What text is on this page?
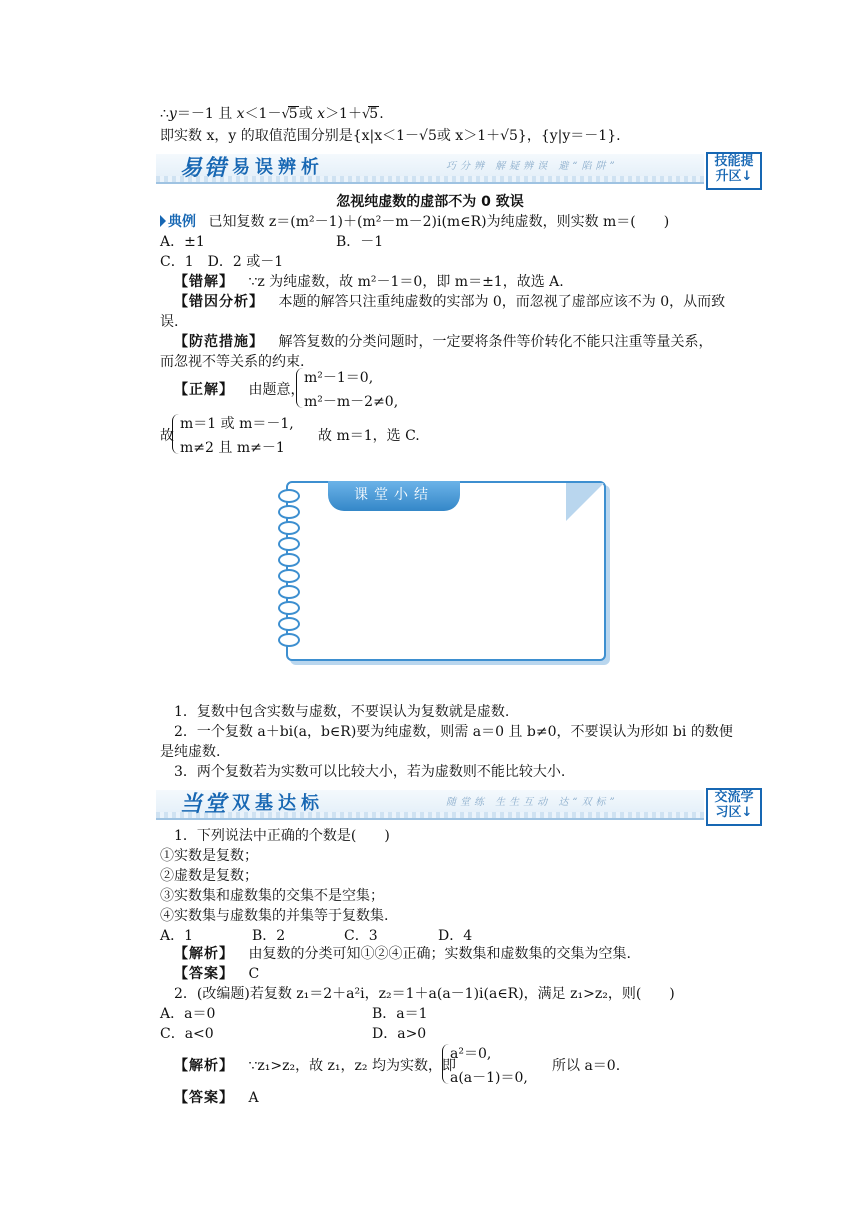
∴y＝－1 且 x＜1－√5或 x＞1＋√5.
即实数 x，y 的取值范围分别是{x|x＜1－√5或 x＞1＋√5}，{y|y＝－1}.
易错 易误辨析	巧分辨 解疑辨误 避“陷阱”	技能提
升区↓
忽视纯虚数的虚部不为 0 致误
典例 已知复数 z＝(m²－1)＋(m²－m－2)i(m∈R)为纯虚数，则实数 m＝(　　)
A．±1	B．－1
C．1　D．2 或－1
【错解】 ∵z 为纯虚数，故 m²－1＝0，即 m＝±1，故选 A.
【错因分析】 本题的解答只注重纯虚数的实部为 0，而忽视了虚部应该不为 0，从而致
误.
【防范措施】 解答复数的分类问题时，一定要将条件等价转化不能只注重等量关系，
而忽视不等关系的约束.
【正解】 由题意，
m²－1＝0,
m²－m－2≠0,
故
m＝1 或 m＝－1,
m≠2 且 m≠－1
故 m＝1，选 C.
课堂小结
1．复数中包含实数与虚数，不要误认为复数就是虚数.
2．一个复数 a＋bi(a，b∈R)要为纯虚数，则需 a＝0 且 b≠0，不要误认为形如 bi 的数便
是纯虚数.
3．两个复数若为实数可以比较大小，若为虚数则不能比较大小.
当堂 双基达标	随堂练 生生互动 达“双标”	交流学
习区↓
1．下列说法中正确的个数是(　　)
①实数是复数；
②虚数是复数；
③实数集和虚数集的交集不是空集；
④实数集与虚数集的并集等于复数集.
A．1	B．2	C．3	D．4
【解析】 由复数的分类可知①②④正确；实数集和虚数集的交集为空集.
【答案】 C
2．(改编题)若复数 z₁＝2＋a²i，z₂＝1＋a(a－1)i(a∈R)，满足 z₁>z₂，则(　　)
A．a＝0	B．a＝1
C．a<0	D．a>0
【解析】 ∵z₁>z₂，故 z₁，z₂ 均为实数，即
a²＝0,
a(a－1)＝0,
所以 a＝0.
【答案】 A
